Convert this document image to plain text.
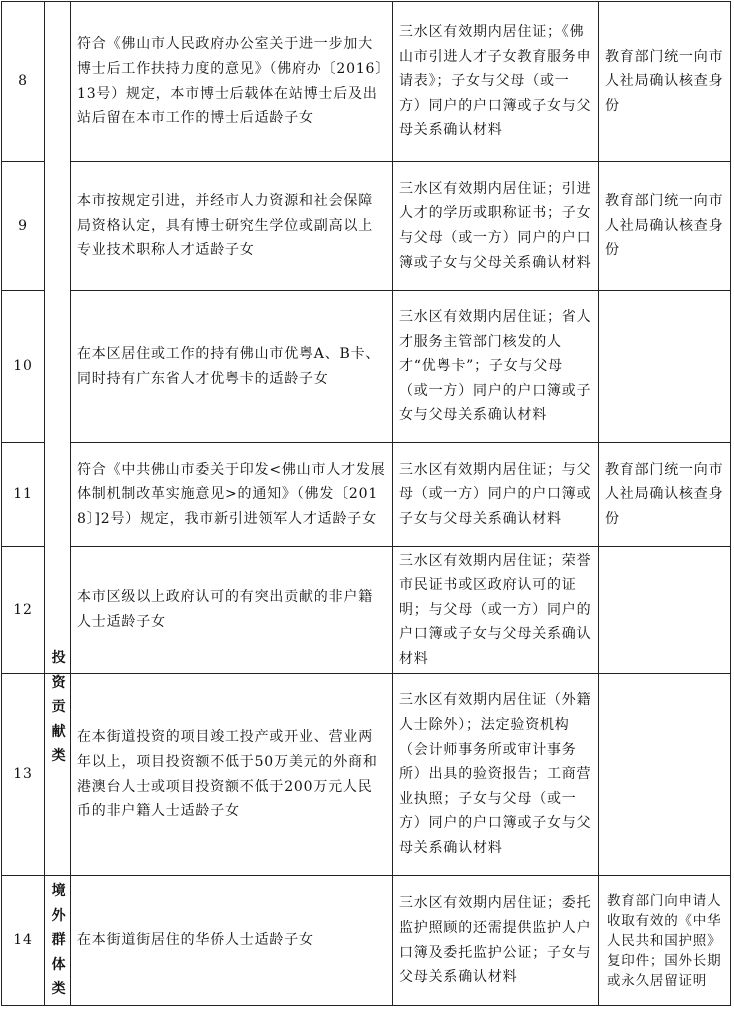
8		符合《佛山市人民政府办公室关于进一步加大博士后工作扶持力度的意见》（佛府办〔2016〕13号）规定，本市博士后载体在站博士后及出站后留在本市工作的博士后适龄子女	三水区有效期内居住证；《佛山市引进人才子女教育服务申请表》；子女与父母（或一方）同户的户口簿或子女与父母关系确认材料	教育部门统一向市人社局确认核查身份
9		本市按规定引进，并经市人力资源和社会保障局资格认定，具有博士研究生学位或副高以上专业技术职称人才适龄子女	三水区有效期内居住证；引进人才的学历或职称证书；子女与父母（或一方）同户的户口簿或子女与父母关系确认材料	教育部门统一向市人社局确认核查身份
10		在本区居住或工作的持有佛山市优粤A、B卡、同时持有广东省人才优粤卡的适龄子女	三水区有效期内居住证；省人才服务主管部门核发的人才“优粤卡”；子女与父母（或一方）同户的户口簿或子女与父母关系确认材料	
11		符合《中共佛山市委关于印发<佛山市人才发展体制机制改革实施意见>的通知》（佛发〔2018〕]2号）规定，我市新引进领军人才适龄子女	三水区有效期内居住证；与父母（或一方）同户的户口簿或子女与父母关系确认材料	教育部门统一向市人社局确认核查身份
12		本市区级以上政府认可的有突出贡献的非户籍人士适龄子女	三水区有效期内居住证；荣誉市民证书或区政府认可的证明；与父母（或一方）同户的户口簿或子女与父母关系确认材料	
13	投资贡献类	在本街道投资的项目竣工投产或开业、营业两年以上，项目投资额不低于50万美元的外商和港澳台人士或项目投资额不低于200万元人民币的非户籍人士适龄子女	三水区有效期内居住证（外籍人士除外）；法定验资机构（会计师事务所或审计事务所）出具的验资报告；工商营业执照；子女与父母（或一方）同户的户口簿或子女与父母关系确认材料	
14	境外群体类	在本街道街居住的华侨人士适龄子女	三水区有效期内居住证；委托监护照顾的还需提供监护人户口簿及委托监护公证；子女与父母关系确认材料	教育部门向申请人收取有效的《中华人民共和国护照》复印件；国外长期或永久居留证明
